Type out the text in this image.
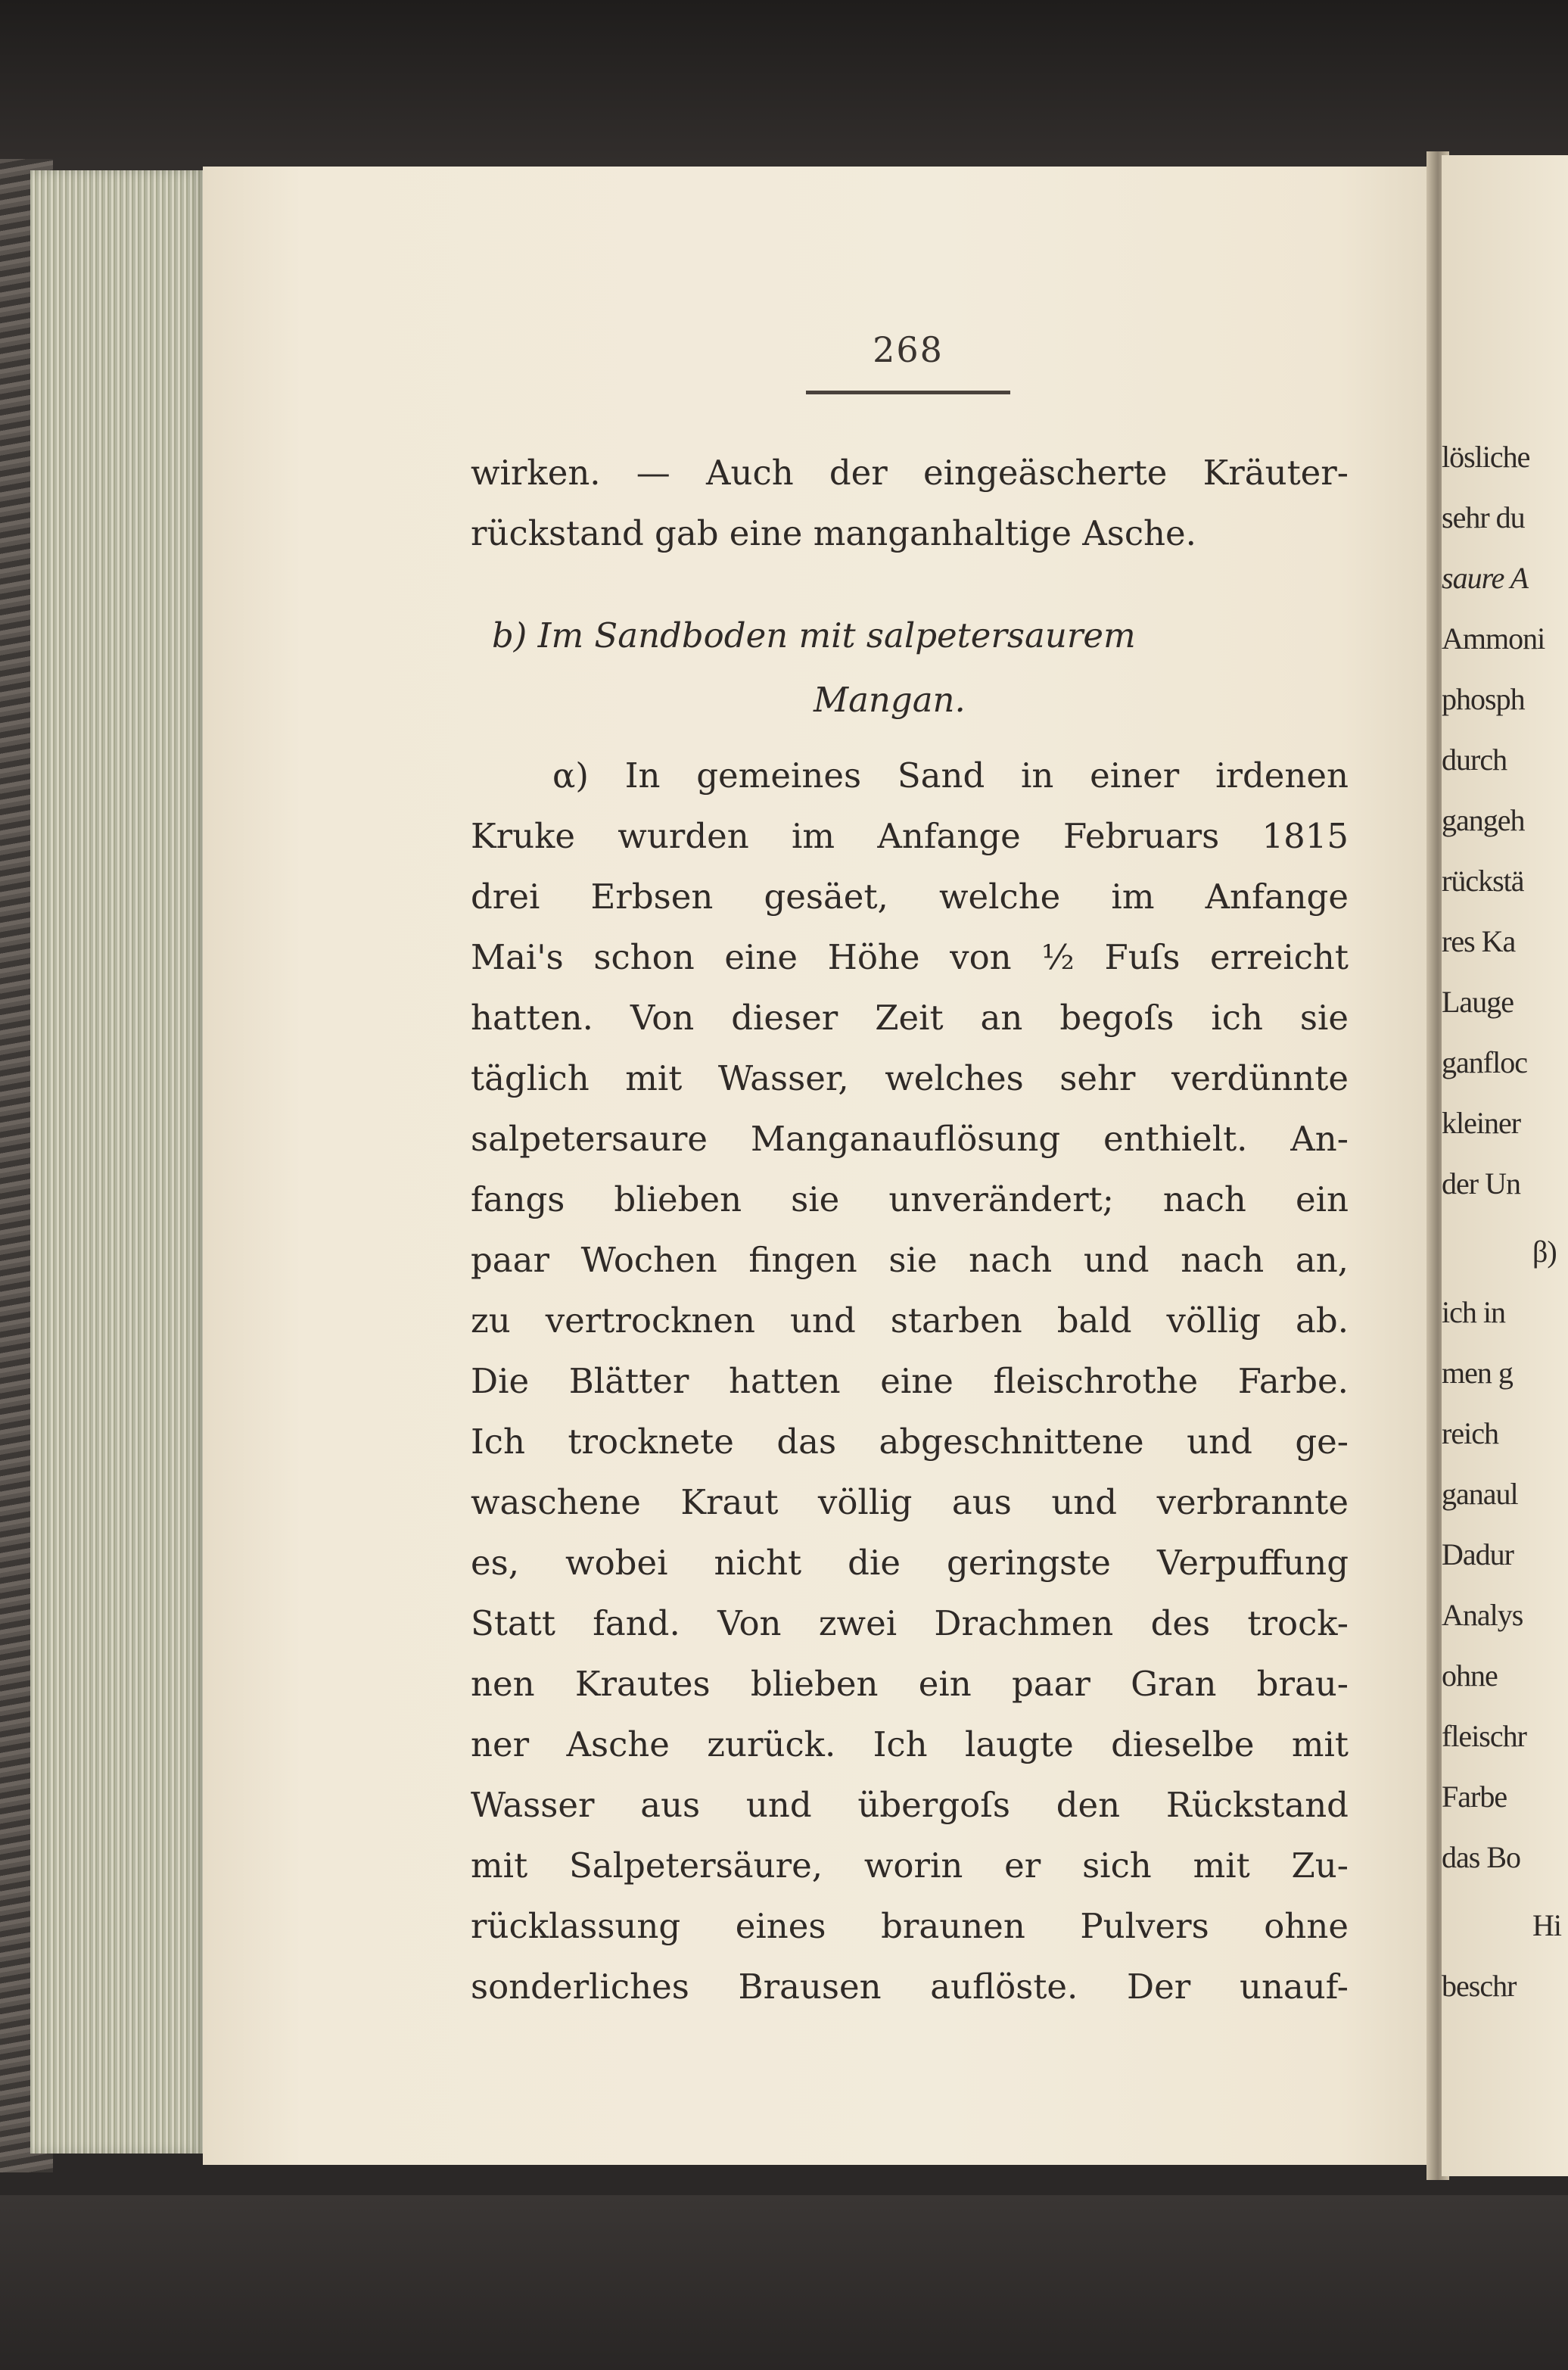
lösliche
sehr du
saure A
Ammoni
phosph
durch
gangeh
rückstä
res Ka
Lauge
ganfloc
kleiner
der Un
β)
ich in
men g
reich
ganaul
Dadur
Analys
ohne
fleischr
Farbe
das Bo
Hi
beschr
268
wirken. — Auch der eingeäscherte Kräuter-
rückstand gab eine manganhaltige Asche.
b) Im Sandboden mit salpetersaurem
Mangan.
α) In gemeines Sand in einer irdenen
Kruke wurden im Anfange Februars 1815
drei Erbsen gesäet, welche im Anfange
Mai's schon eine Höhe von ½ Fuſs erreicht
hatten. Von dieser Zeit an begoſs ich sie
täglich mit Wasser, welches sehr verdünnte
salpetersaure Manganauflösung enthielt. An-
fangs blieben sie unverändert; nach ein
paar Wochen fingen sie nach und nach an,
zu vertrocknen und starben bald völlig ab.
Die Blätter hatten eine fleischrothe Farbe.
Ich trocknete das abgeschnittene und ge-
waschene Kraut völlig aus und verbrannte
es, wobei nicht die geringste Verpuffung
Statt fand. Von zwei Drachmen des trock-
nen Krautes blieben ein paar Gran brau-
ner Asche zurück. Ich laugte dieselbe mit
Wasser aus und übergoſs den Rückstand
mit Salpetersäure, worin er sich mit Zu-
rücklassung eines braunen Pulvers ohne
sonderliches Brausen auflöste. Der unauf-
